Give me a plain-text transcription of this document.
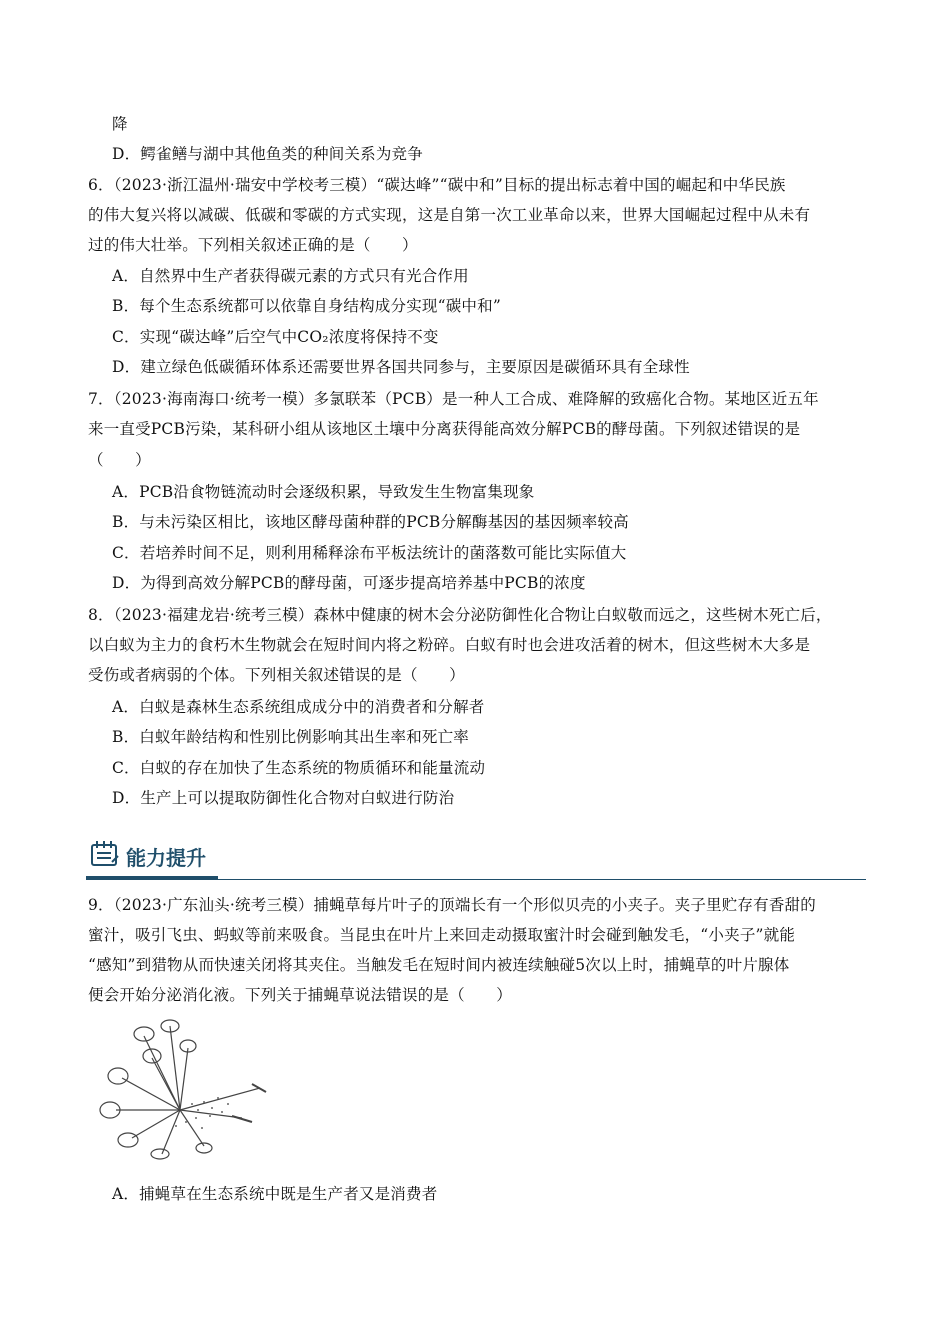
降
D．鳄雀鳝与湖中其他鱼类的种间关系为竞争
6．（2023·浙江温州·瑞安中学校考三模）“碳达峰”“碳中和”目标的提出标志着中国的崛起和中华民族
的伟大复兴将以减碳、低碳和零碳的方式实现，这是自第一次工业革命以来，世界大国崛起过程中从未有
过的伟大壮举。下列相关叙述正确的是（　　）
A．自然界中生产者获得碳元素的方式只有光合作用
B．每个生态系统都可以依靠自身结构成分实现“碳中和”
C．实现“碳达峰”后空气中CO₂浓度将保持不变
D．建立绿色低碳循环体系还需要世界各国共同参与，主要原因是碳循环具有全球性
7．（2023·海南海口·统考一模）多氯联苯（PCB）是一种人工合成、难降解的致癌化合物。某地区近五年
来一直受PCB污染，某科研小组从该地区土壤中分离获得能高效分解PCB的酵母菌。下列叙述错误的是
（　　）
A．PCB沿食物链流动时会逐级积累，导致发生生物富集现象
B．与未污染区相比，该地区酵母菌种群的PCB分解酶基因的基因频率较高
C．若培养时间不足，则利用稀释涂布平板法统计的菌落数可能比实际值大
D．为得到高效分解PCB的酵母菌，可逐步提高培养基中PCB的浓度
8．（2023·福建龙岩·统考三模）森林中健康的树木会分泌防御性化合物让白蚁敬而远之，这些树木死亡后，
以白蚁为主力的食朽木生物就会在短时间内将之粉碎。白蚁有时也会进攻活着的树木，但这些树木大多是
受伤或者病弱的个体。下列相关叙述错误的是（　　）
A．白蚁是森林生态系统组成成分中的消费者和分解者
B．白蚁年龄结构和性别比例影响其出生率和死亡率
C．白蚁的存在加快了生态系统的物质循环和能量流动
D．生产上可以提取防御性化合物对白蚁进行防治
能力提升
9．（2023·广东汕头·统考三模）捕蝇草每片叶子的顶端长有一个形似贝壳的小夹子。夹子里贮存有香甜的
蜜汁，吸引飞虫、蚂蚁等前来吸食。当昆虫在叶片上来回走动摄取蜜汁时会碰到触发毛，“小夹子”就能
“感知”到猎物从而快速关闭将其夹住。当触发毛在短时间内被连续触碰5次以上时，捕蝇草的叶片腺体
便会开始分泌消化液。下列关于捕蝇草说法错误的是（　　）
A．捕蝇草在生态系统中既是生产者又是消费者
